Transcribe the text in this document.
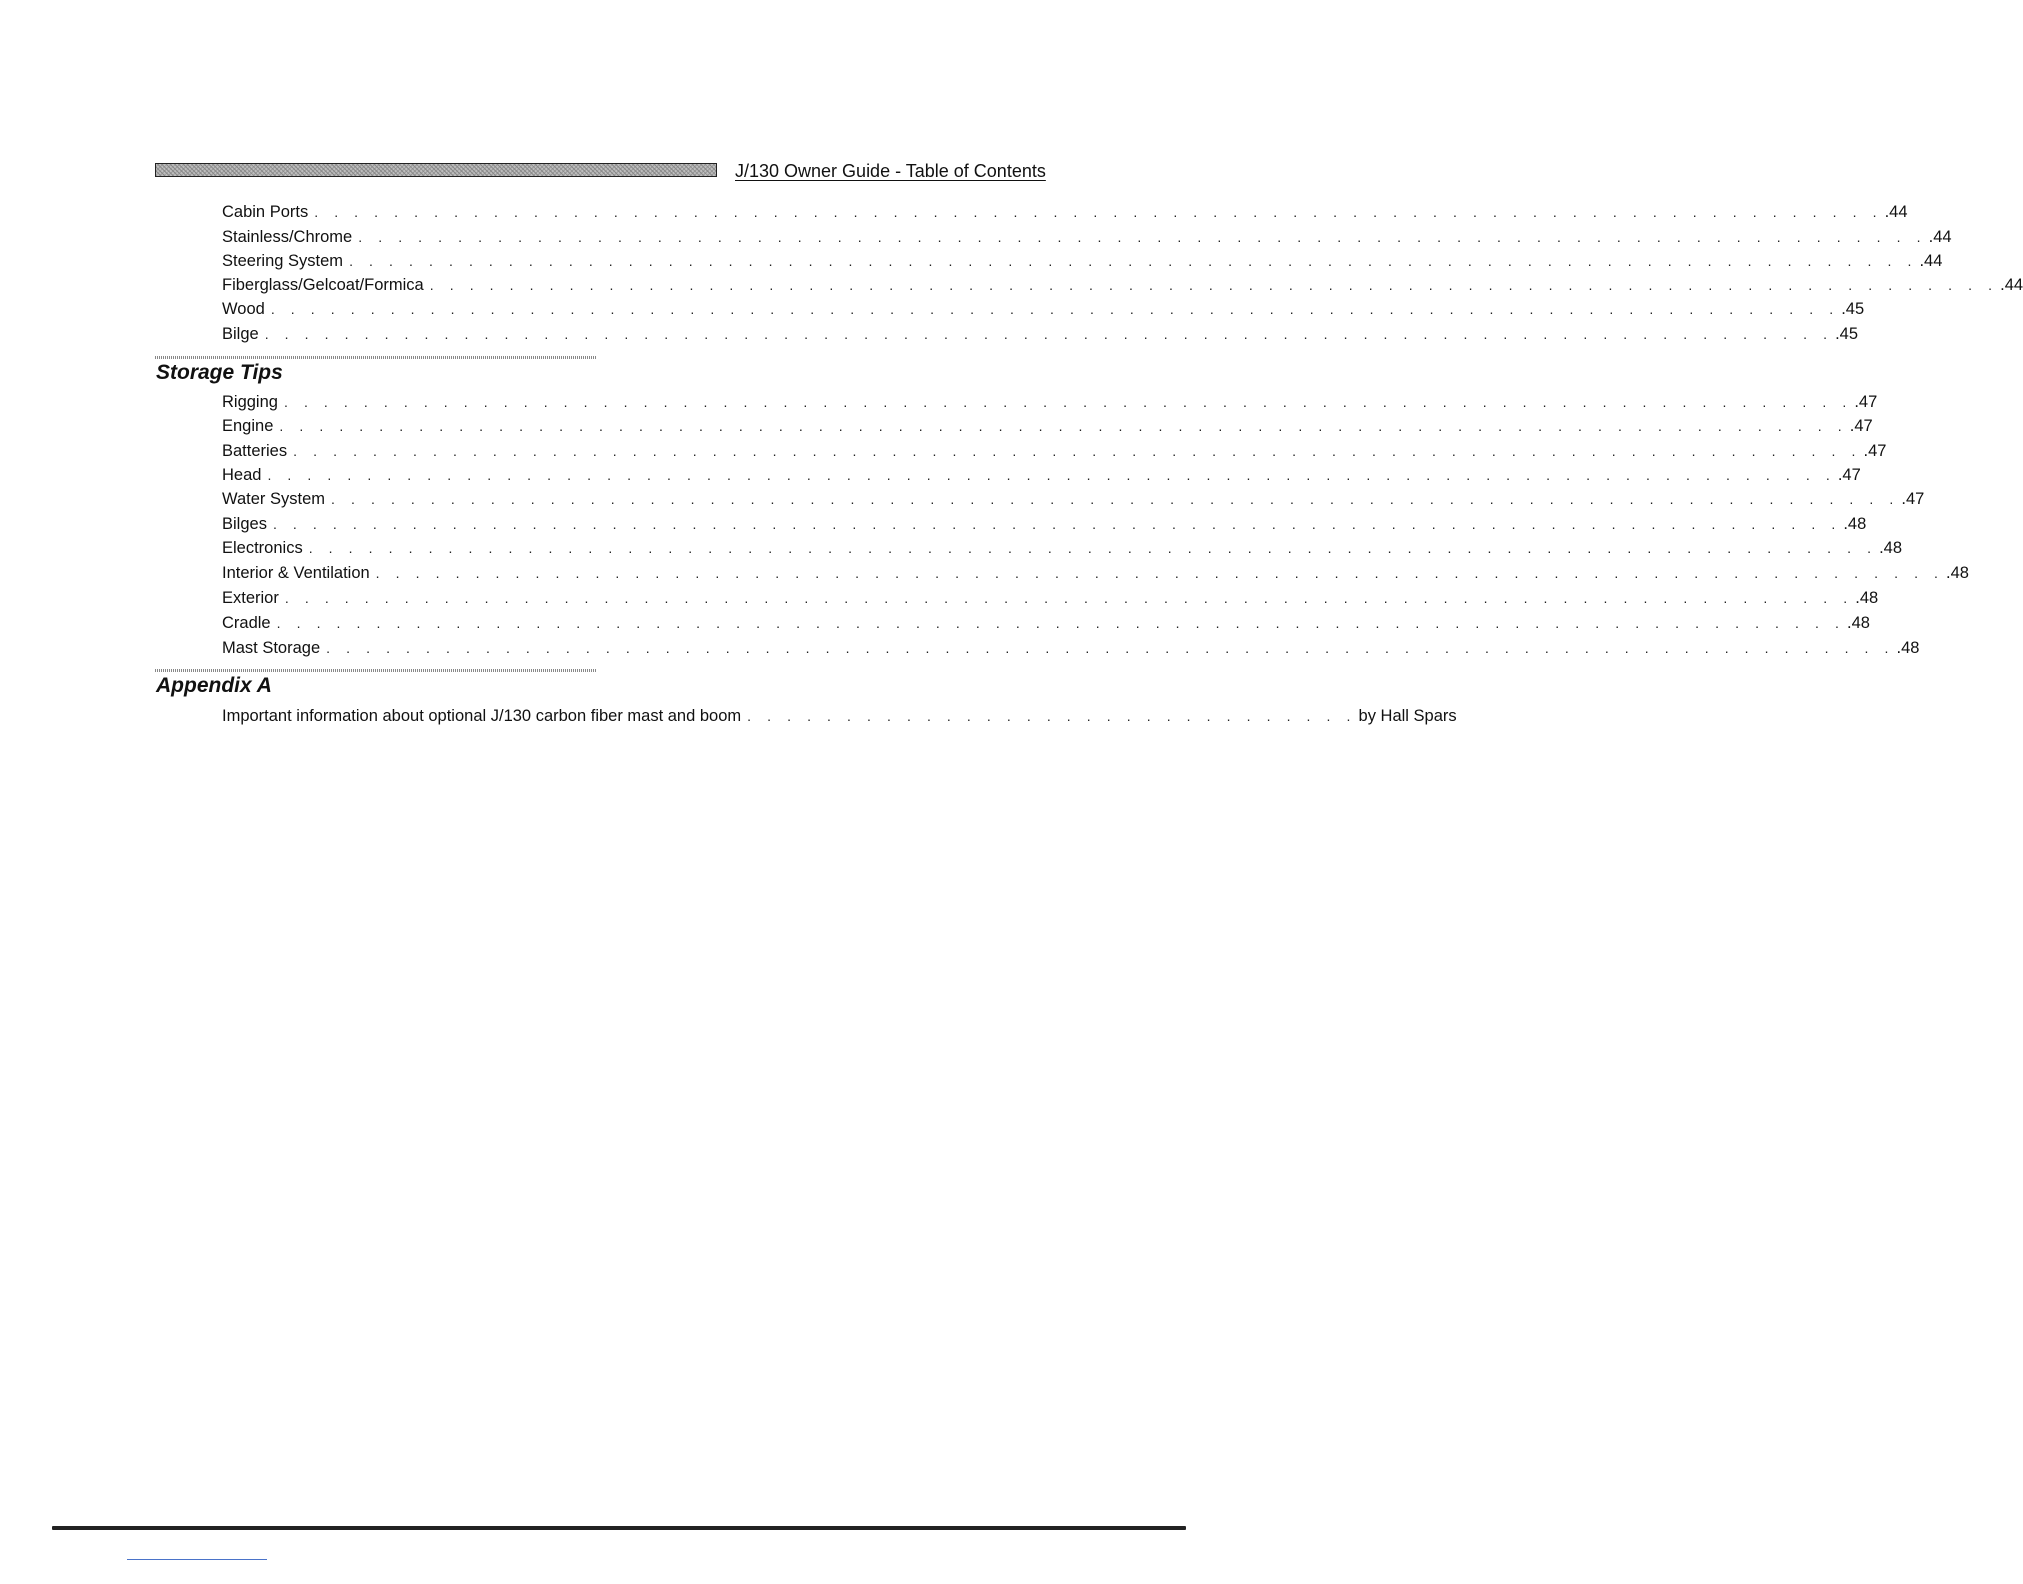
J/130 Owner Guide - Table of Contents
Cabin Ports . . . . . . . . . . . . . . . . . . . . . . . . . . . . . . . . . . . . . . . . . . . . . . . . . . . . . . . . . . . . . . . . . . . . . . . . . . . . . . . .44
Stainless/Chrome . . . . . . . . . . . . . . . . . . . . . . . . . . . . . . . . . . . . . . . . . . . . . . . . . . . . . . . . . . . . . . . . . . . . . . . . . . . . . . . .44
Steering System . . . . . . . . . . . . . . . . . . . . . . . . . . . . . . . . . . . . . . . . . . . . . . . . . . . . . . . . . . . . . . . . . . . . . . . . . . . . . . . .44
Fiberglass/Gelcoat/Formica . . . . . . . . . . . . . . . . . . . . . . . . . . . . . . . . . . . . . . . . . . . . . . . . . . . . . . . . . . . . . . . . . . . . . . . . . . . . . . . .44
Wood . . . . . . . . . . . . . . . . . . . . . . . . . . . . . . . . . . . . . . . . . . . . . . . . . . . . . . . . . . . . . . . . . . . . . . . . . . . . . . . .45
Bilge . . . . . . . . . . . . . . . . . . . . . . . . . . . . . . . . . . . . . . . . . . . . . . . . . . . . . . . . . . . . . . . . . . . . . . . . . . . . . . . .45
Storage Tips
Rigging . . . . . . . . . . . . . . . . . . . . . . . . . . . . . . . . . . . . . . . . . . . . . . . . . . . . . . . . . . . . . . . . . . . . . . . . . . . . . . . .47
Engine . . . . . . . . . . . . . . . . . . . . . . . . . . . . . . . . . . . . . . . . . . . . . . . . . . . . . . . . . . . . . . . . . . . . . . . . . . . . . . . .47
Batteries . . . . . . . . . . . . . . . . . . . . . . . . . . . . . . . . . . . . . . . . . . . . . . . . . . . . . . . . . . . . . . . . . . . . . . . . . . . . . . . .47
Head . . . . . . . . . . . . . . . . . . . . . . . . . . . . . . . . . . . . . . . . . . . . . . . . . . . . . . . . . . . . . . . . . . . . . . . . . . . . . . . .47
Water System . . . . . . . . . . . . . . . . . . . . . . . . . . . . . . . . . . . . . . . . . . . . . . . . . . . . . . . . . . . . . . . . . . . . . . . . . . . . . . . .47
Bilges . . . . . . . . . . . . . . . . . . . . . . . . . . . . . . . . . . . . . . . . . . . . . . . . . . . . . . . . . . . . . . . . . . . . . . . . . . . . . . . .48
Electronics . . . . . . . . . . . . . . . . . . . . . . . . . . . . . . . . . . . . . . . . . . . . . . . . . . . . . . . . . . . . . . . . . . . . . . . . . . . . . . . .48
Interior & Ventilation . . . . . . . . . . . . . . . . . . . . . . . . . . . . . . . . . . . . . . . . . . . . . . . . . . . . . . . . . . . . . . . . . . . . . . . . . . . . . . . .48
Exterior . . . . . . . . . . . . . . . . . . . . . . . . . . . . . . . . . . . . . . . . . . . . . . . . . . . . . . . . . . . . . . . . . . . . . . . . . . . . . . . .48
Cradle . . . . . . . . . . . . . . . . . . . . . . . . . . . . . . . . . . . . . . . . . . . . . . . . . . . . . . . . . . . . . . . . . . . . . . . . . . . . . . . .48
Mast Storage . . . . . . . . . . . . . . . . . . . . . . . . . . . . . . . . . . . . . . . . . . . . . . . . . . . . . . . . . . . . . . . . . . . . . . . . . . . . . . . .48
Appendix A
Important information about optional J/130 carbon fiber mast and boom . . . . . . . . . . . . . . . . . . . . . . . . . . . . . . . by Hall Spars
